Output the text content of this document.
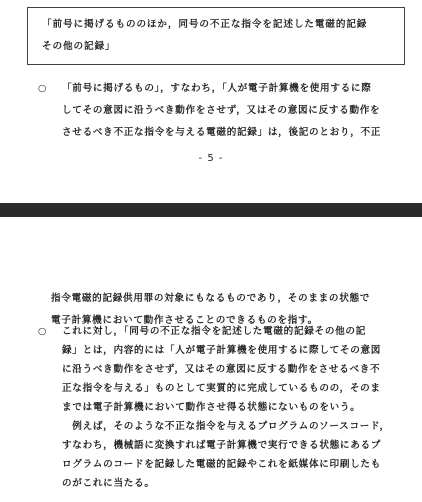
「前号に掲げるもののほか，同号の不正な指令を記述した電磁的記録
その他の記録」
○ 「前号に掲げるもの」，すなわち，「人が電子計算機を使用するに際
してその意図に沿うべき動作をさせず，又はその意図に反する動作を
させるべき不正な指令を与える電磁的記録」は，後記のとおり，不正
- 5 -
指令電磁的記録供用罪の対象にもなるものであり，そのままの状態で
電子計算機において動作させることのできるものを指す。
○ これに対し，「同号の不正な指令を記述した電磁的記録その他の記
録」とは，内容的には「人が電子計算機を使用するに際してその意図
に沿うべき動作をさせず，又はその意図に反する動作をさせるべき不
正な指令を与える」ものとして実質的に完成しているものの，そのま
までは電子計算機において動作させ得る状態にないものをいう。
　例えば，そのような不正な指令を与えるプログラムのソースコード，
すなわち，機械語に変換すれば電子計算機で実行できる状態にあるプ
ログラムのコードを記録した電磁的記録やこれを紙媒体に印刷したも
のがこれに当たる。
